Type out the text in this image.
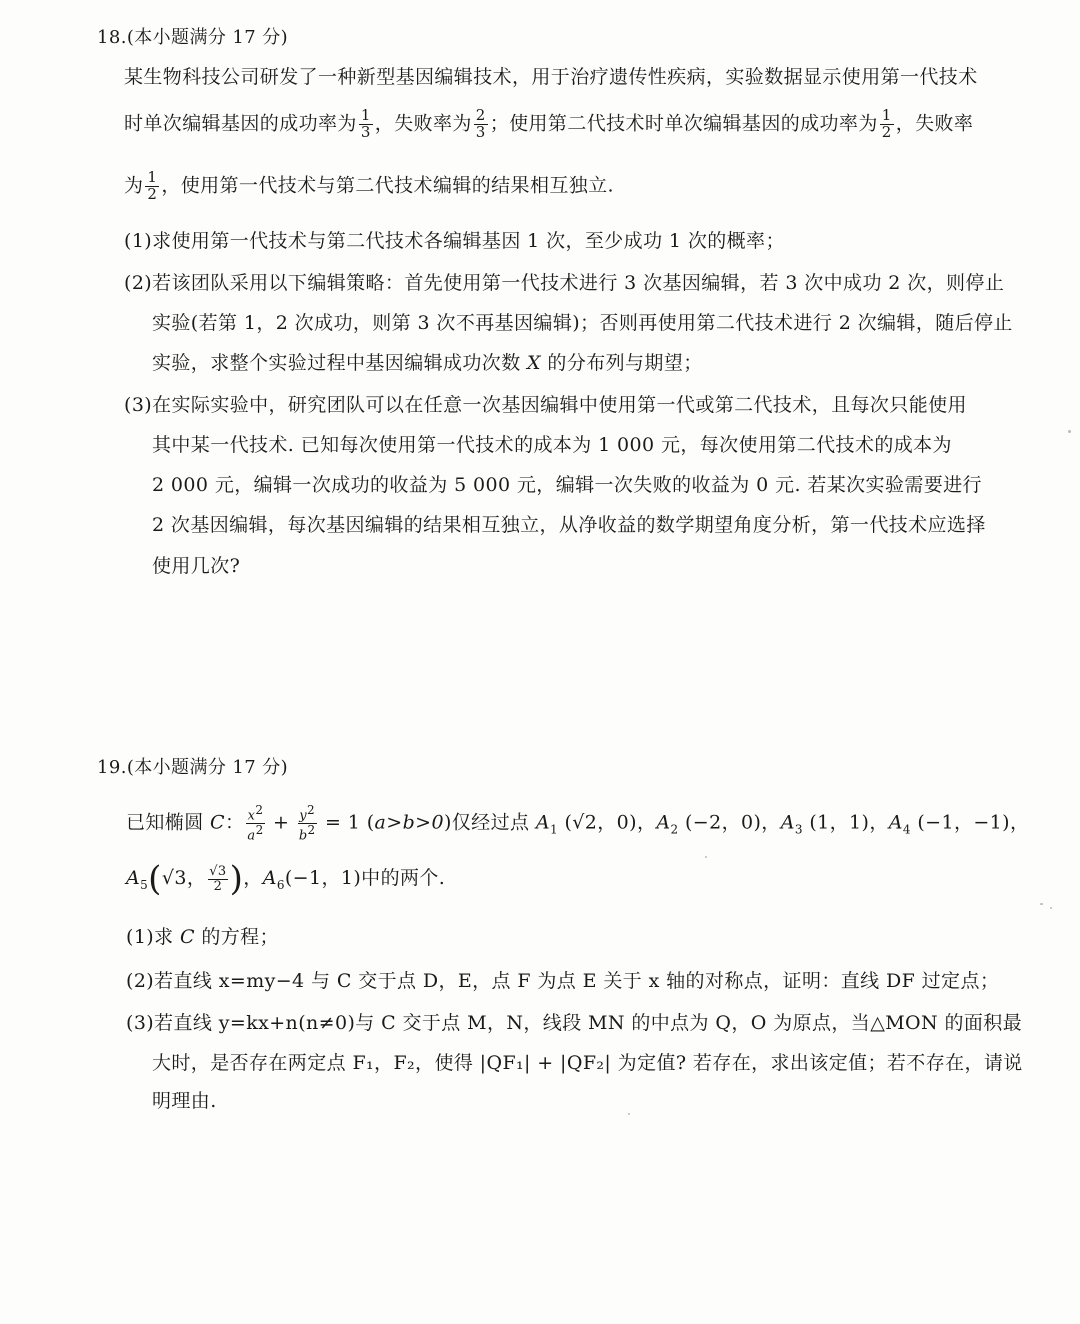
18.(本小题满分 17 分)
某生物科技公司研发了一种新型基因编辑技术，用于治疗遗传性疾病，实验数据显示使用第一代技术
时单次编辑基因的成功率为 $\frac{1}{3}$ ，失败率为 $\frac{2}{3}$ ；使用第二代技术时单次编辑基因的成功率为 $\frac{1}{2}$ ，失败率
为 $\frac{1}{2}$ ，使用第一代技术与第二代技术编辑的结果相互独立.
(1)求使用第一代技术与第二代技术各编辑基因 1 次，至少成功 1 次的概率；
(2)若该团队采用以下编辑策略：首先使用第一代技术进行 3 次基因编辑，若 3 次中成功 2 次，则停止
实验(若第 1，2 次成功，则第 3 次不再基因编辑)；否则再使用第二代技术进行 2 次编辑，随后停止
实验，求整个实验过程中基因编辑成功次数 X 的分布列与期望；
(3)在实际实验中，研究团队可以在任意一次基因编辑中使用第一代或第二代技术，且每次只能使用
其中某一代技术. 已知每次使用第一代技术的成本为 1 000 元，每次使用第二代技术的成本为
2 000 元，编辑一次成功的收益为 5 000 元，编辑一次失败的收益为 0 元. 若某次实验需要进行
2 次基因编辑，每次基因编辑的结果相互独立，从净收益的数学期望角度分析，第一代技术应选择
使用几次?
19.(本小题满分 17 分)
已知椭圆 C： $\frac{x^2}{a^2} + \frac{y^2}{b^2} = 1$ (a>b>0)仅经过点 $A_1$ (√2，0)，$A_2$ (−2，0)，$A_3$ (1，1)，$A_4$ (−1，−1)，
$A_5(√3$， $\frac{√3}{2}$ )，$A_6(-1$，1)中的两个.
(1)求 C 的方程；
(2)若直线 x=my−4 与 C 交于点 D，E，点 F 为点 E 关于 x 轴的对称点，证明：直线 DF 过定点；
(3)若直线 y=kx+n(n≠0)与 C 交于点 M，N，线段 MN 的中点为 Q，O 为原点，当△MON 的面积最
大时，是否存在两定点 F₁，F₂，使得 |QF₁| + |QF₂| 为定值? 若存在，求出该定值；若不存在，请说
明理由.
